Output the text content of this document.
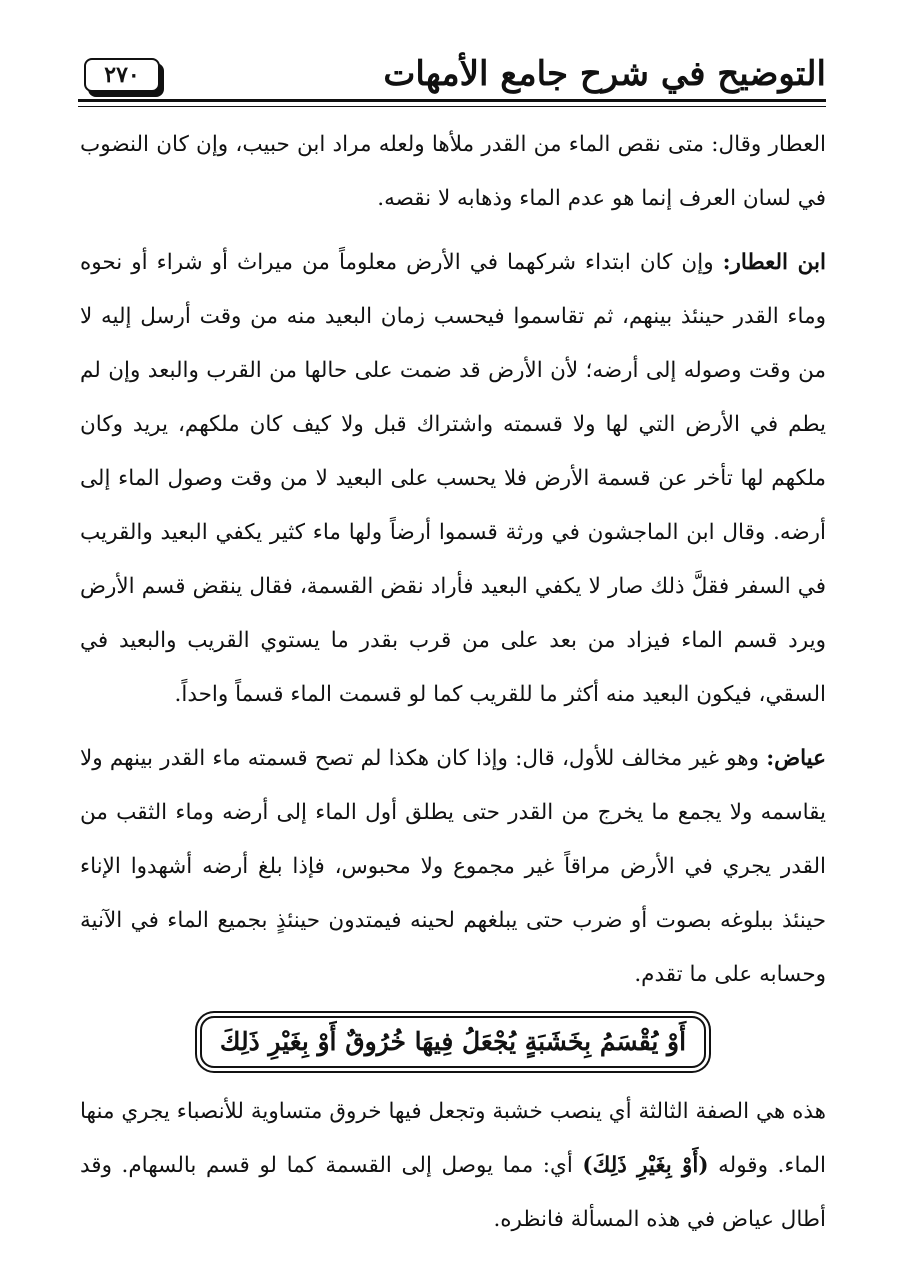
٢٧٠	التوضيح في شرح جامع الأمهات

العطار وقال: متى نقص الماء من القدر ملأها ولعله مراد ابن حبيب، وإن كان النضوب في لسان العرف إنما هو عدم الماء وذهابه لا نقصه.

ابن العطار: وإن كان ابتداء شركهما في الأرض معلوماً من ميراث أو شراء أو نحوه وماء القدر حينئذ بينهم، ثم تقاسموا فيحسب زمان البعيد منه من وقت أرسل إليه لا من وقت وصوله إلى أرضه؛ لأن الأرض قد ضمت على حالها من القرب والبعد وإن لم يطم في الأرض التي لها ولا قسمته واشتراك قبل ولا كيف كان ملكهم، يريد وكان ملكهم لها تأخر عن قسمة الأرض فلا يحسب على البعيد لا من وقت وصول الماء إلى أرضه. وقال ابن الماجشون في ورثة قسموا أرضاً ولها ماء كثير يكفي البعيد والقريب في السفر فقلَّ ذلك صار لا يكفي البعيد فأراد نقض القسمة، فقال ينقض قسم الأرض ويرد قسم الماء فيزاد من بعد على من قرب بقدر ما يستوي القريب والبعيد في السقي، فيكون البعيد منه أكثر ما للقريب كما لو قسمت الماء قسماً واحداً.

عياض: وهو غير مخالف للأول، قال: وإذا كان هكذا لم تصح قسمته ماء القدر بينهم ولا يقاسمه ولا يجمع ما يخرج من القدر حتى يطلق أول الماء إلى أرضه وماء الثقب من القدر يجري في الأرض مراقاً غير مجموع ولا محبوس، فإذا بلغ أرضه أشهدوا الإناء حينئذ ببلوغه بصوت أو ضرب حتى يبلغهم لحينه فيمتدون حينئذٍ بجميع الماء في الآنية وحسابه على ما تقدم.

أَوْ يُقْسَمُ بِخَشَبَةٍ يُجْعَلُ فِيهَا خُرُوقٌ أَوْ بِغَيْرِ ذَلِكَ

هذه هي الصفة الثالثة أي ينصب خشبة وتجعل فيها خروق متساوية للأنصباء يجري منها الماء. وقوله (أَوْ بِغَيْرِ ذَلِكَ) أي: مما يوصل إلى القسمة كما لو قسم بالسهام. وقد أطال عياض في هذه المسألة فانظره.
